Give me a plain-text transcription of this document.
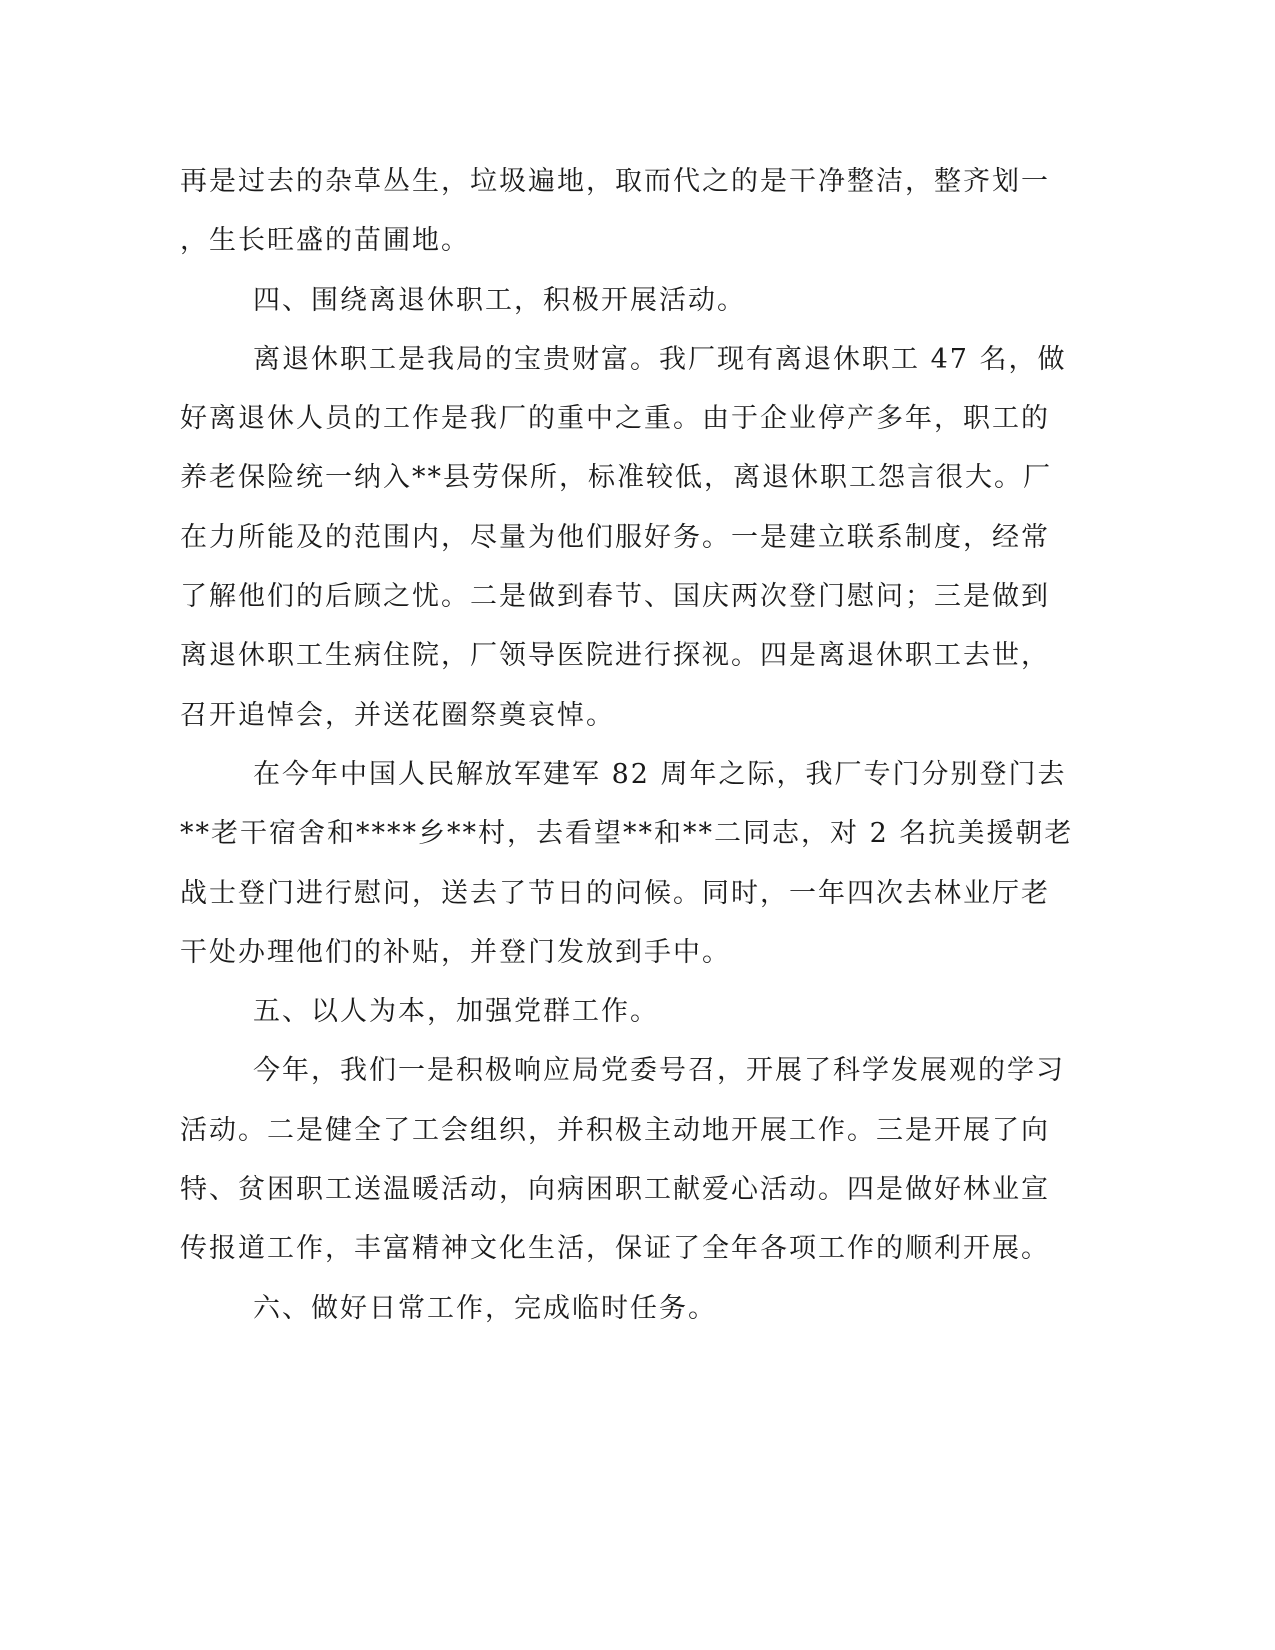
再是过去的杂草丛生，垃圾遍地，取而代之的是干净整洁，整齐划一
，生长旺盛的苗圃地。
四、围绕离退休职工，积极开展活动。
离退休职工是我局的宝贵财富。我厂现有离退休职工 47 名，做
好离退休人员的工作是我厂的重中之重。由于企业停产多年，职工的
养老保险统一纳入**县劳保所，标准较低，离退休职工怨言很大。厂
在力所能及的范围内，尽量为他们服好务。一是建立联系制度，经常
了解他们的后顾之忧。二是做到春节、国庆两次登门慰问；三是做到
离退休职工生病住院，厂领导医院进行探视。四是离退休职工去世，
召开追悼会，并送花圈祭奠哀悼。
在今年中国人民解放军建军 82 周年之际，我厂专门分别登门去
**老干宿舍和****乡**村，去看望**和**二同志，对 2 名抗美援朝老
战士登门进行慰问，送去了节日的问候。同时，一年四次去林业厅老
干处办理他们的补贴，并登门发放到手中。
五、以人为本，加强党群工作。
今年，我们一是积极响应局党委号召，开展了科学发展观的学习
活动。二是健全了工会组织，并积极主动地开展工作。三是开展了向
特、贫困职工送温暖活动，向病困职工献爱心活动。四是做好林业宣
传报道工作，丰富精神文化生活，保证了全年各项工作的顺利开展。
六、做好日常工作，完成临时任务。
